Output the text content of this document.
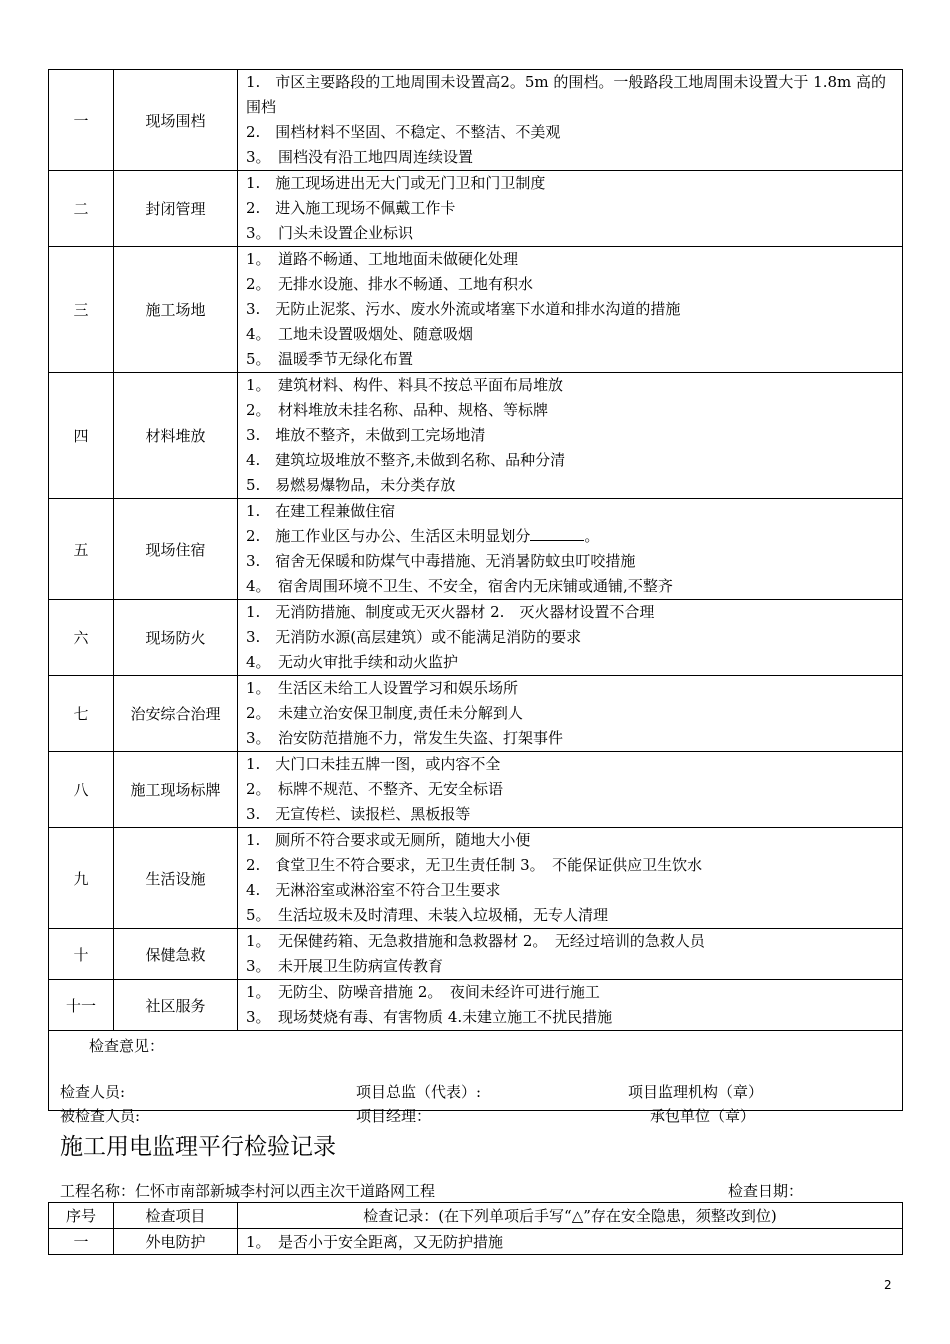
一	现场围档	1.　市区主要路段的工地周围未设置高2。5m 的围档。一般路段工地周围未设置大于 1.8m 高的围档
2.　围档材料不坚固、不稳定、不整洁、不美观
3。　围档没有沿工地四周连续设置

二	封闭管理	1.　施工现场进出无大门或无门卫和门卫制度
2.　进入施工现场不佩戴工作卡
3。　门头未设置企业标识

三	施工场地	1。　道路不畅通、工地地面未做硬化处理
2。　无排水设施、排水不畅通、工地有积水
3.　无防止泥浆、污水、废水外流或堵塞下水道和排水沟道的措施
4。　工地未设置吸烟处、随意吸烟
5。　温暖季节无绿化布置

四	材料堆放	1。　建筑材料、构件、料具不按总平面布局堆放
2。　材料堆放未挂名称、品种、规格、等标牌
3.　堆放不整齐，未做到工完场地清
4.　建筑垃圾堆放不整齐,未做到名称、品种分清
5.　易燃易爆物品，未分类存放

五	现场住宿	1.　在建工程兼做住宿
2.　施工作业区与办公、生活区未明显划分 。
3.　宿舍无保暖和防煤气中毒措施、无消暑防蚊虫叮咬措施
4。　宿舍周围环境不卫生、不安全，宿舍内无床铺或通铺,不整齐

六	现场防火	1.　无消防措施、制度或无灭火器材 2.　灭火器材设置不合理
3.　无消防水源(高层建筑）或不能满足消防的要求
4。　无动火审批手续和动火监护

七	治安综合治理	1。　生活区未给工人设置学习和娱乐场所
2。　未建立治安保卫制度,责任未分解到人
3。　治安防范措施不力，常发生失盗、打架事件

八	施工现场标牌	1.　大门口未挂五牌一图，或内容不全
2。　标牌不规范、不整齐、无安全标语
3.　无宣传栏、读报栏、黑板报等

九	生活设施	1.　厕所不符合要求或无厕所，随地大小便
2.　食堂卫生不符合要求，无卫生责任制 3。　不能保证供应卫生饮水
4.　无淋浴室或淋浴室不符合卫生要求
5。　生活垃圾未及时清理、未装入垃圾桶，无专人清理

十	保健急救	1。　无保健药箱、无急救措施和急救器材 2。　无经过培训的急救人员
3。　未开展卫生防病宣传教育

十一	社区服务	1。　无防尘、防噪音措施 2。　夜间未经许可进行施工
3。　现场焚烧有毒、有害物质 4.未建立施工不扰民措施

检查意见：		
检查人员:	项目总监（代表）:	项目监理机构（章）
被检查人员:	项目经理：	承包单位（章）
施工用电监理平行检验记录
工程名称：仁怀市南部新城李村河以西主次干道路网工程	检查日期：
序号	检查项目	检查记录：(在下列单项后手写“△”存在安全隐患，须整改到位)
一	外电防护	1。　是否小于安全距离，又无防护措施
2
